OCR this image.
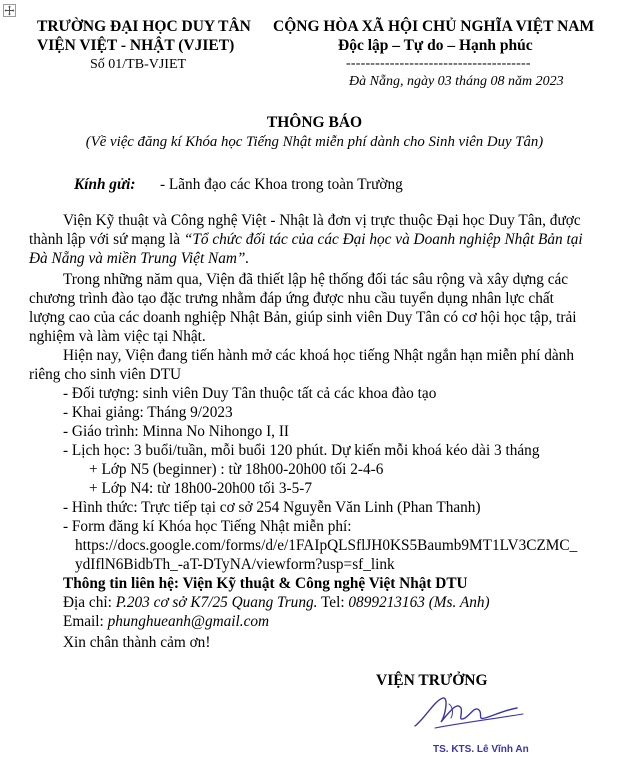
TRƯỜNG ĐẠI HỌC DUY TÂN
VIỆN VIỆT - NHẬT (VJIET)
Số 01/TB-VJIET
CỘNG HÒA XÃ HỘI CHỦ NGHĨA VIỆT NAM
Độc lập – Tự do – Hạnh phúc
--------------------------------------
Đà Nẵng, ngày 03 tháng 08 năm 2023
THÔNG BÁO
(Về việc đăng kí Khóa học Tiếng Nhật miễn phí dành cho Sinh viên Duy Tân)
Kính gửi: - Lãnh đạo các Khoa trong toàn Trường
Viện Kỹ thuật và Công nghệ Việt - Nhật là đơn vị trực thuộc Đại học Duy Tân, được
thành lập với sứ mạng là “Tổ chức đối tác của các Đại học và Doanh nghiệp Nhật Bản tại
Đà Nẵng và miền Trung Việt Nam”.
Trong những năm qua, Viện đã thiết lập hệ thống đối tác sâu rộng và xây dựng các
chương trình đào tạo đặc trưng nhằm đáp ứng được nhu cầu tuyển dụng nhân lực chất
lượng cao của các doanh nghiệp Nhật Bản, giúp sinh viên Duy Tân có cơ hội học tập, trải
nghiệm và làm việc tại Nhật.
Hiện nay, Viện đang tiến hành mở các khoá học tiếng Nhật ngắn hạn miễn phí dành
riêng cho sinh viên DTU
- Đối tượng: sinh viên Duy Tân thuộc tất cả các khoa đào tạo
- Khai giảng: Tháng 9/2023
- Giáo trình: Minna No Nihongo I, II
- Lịch học: 3 buổi/tuần, mỗi buổi 120 phút. Dự kiến mỗi khoá kéo dài 3 tháng
+ Lớp N5 (beginner) : từ 18h00-20h00 tối 2-4-6
+ Lớp N4: từ 18h00-20h00 tối 3-5-7
- Hình thức: Trực tiếp tại cơ sở 254 Nguyễn Văn Linh (Phan Thanh)
- Form đăng kí Khóa học Tiếng Nhật miễn phí:
https://docs.google.com/forms/d/e/1FAIpQLSflJH0KS5Baumb9MT1LV3CZMC_
ydIflN6BidbTh_-aT-DTyNA/viewform?usp=sf_link
Thông tin liên hệ: Viện Kỹ thuật & Công nghệ Việt Nhật DTU
Địa chỉ: P.203 cơ sở K7/25 Quang Trung. Tel: 0899213163 (Ms. Anh)
Email: phunghueanh@gmail.com
Xin chân thành cảm ơn!
VIỆN TRƯỞNG
TS. KTS. Lê Vĩnh An
